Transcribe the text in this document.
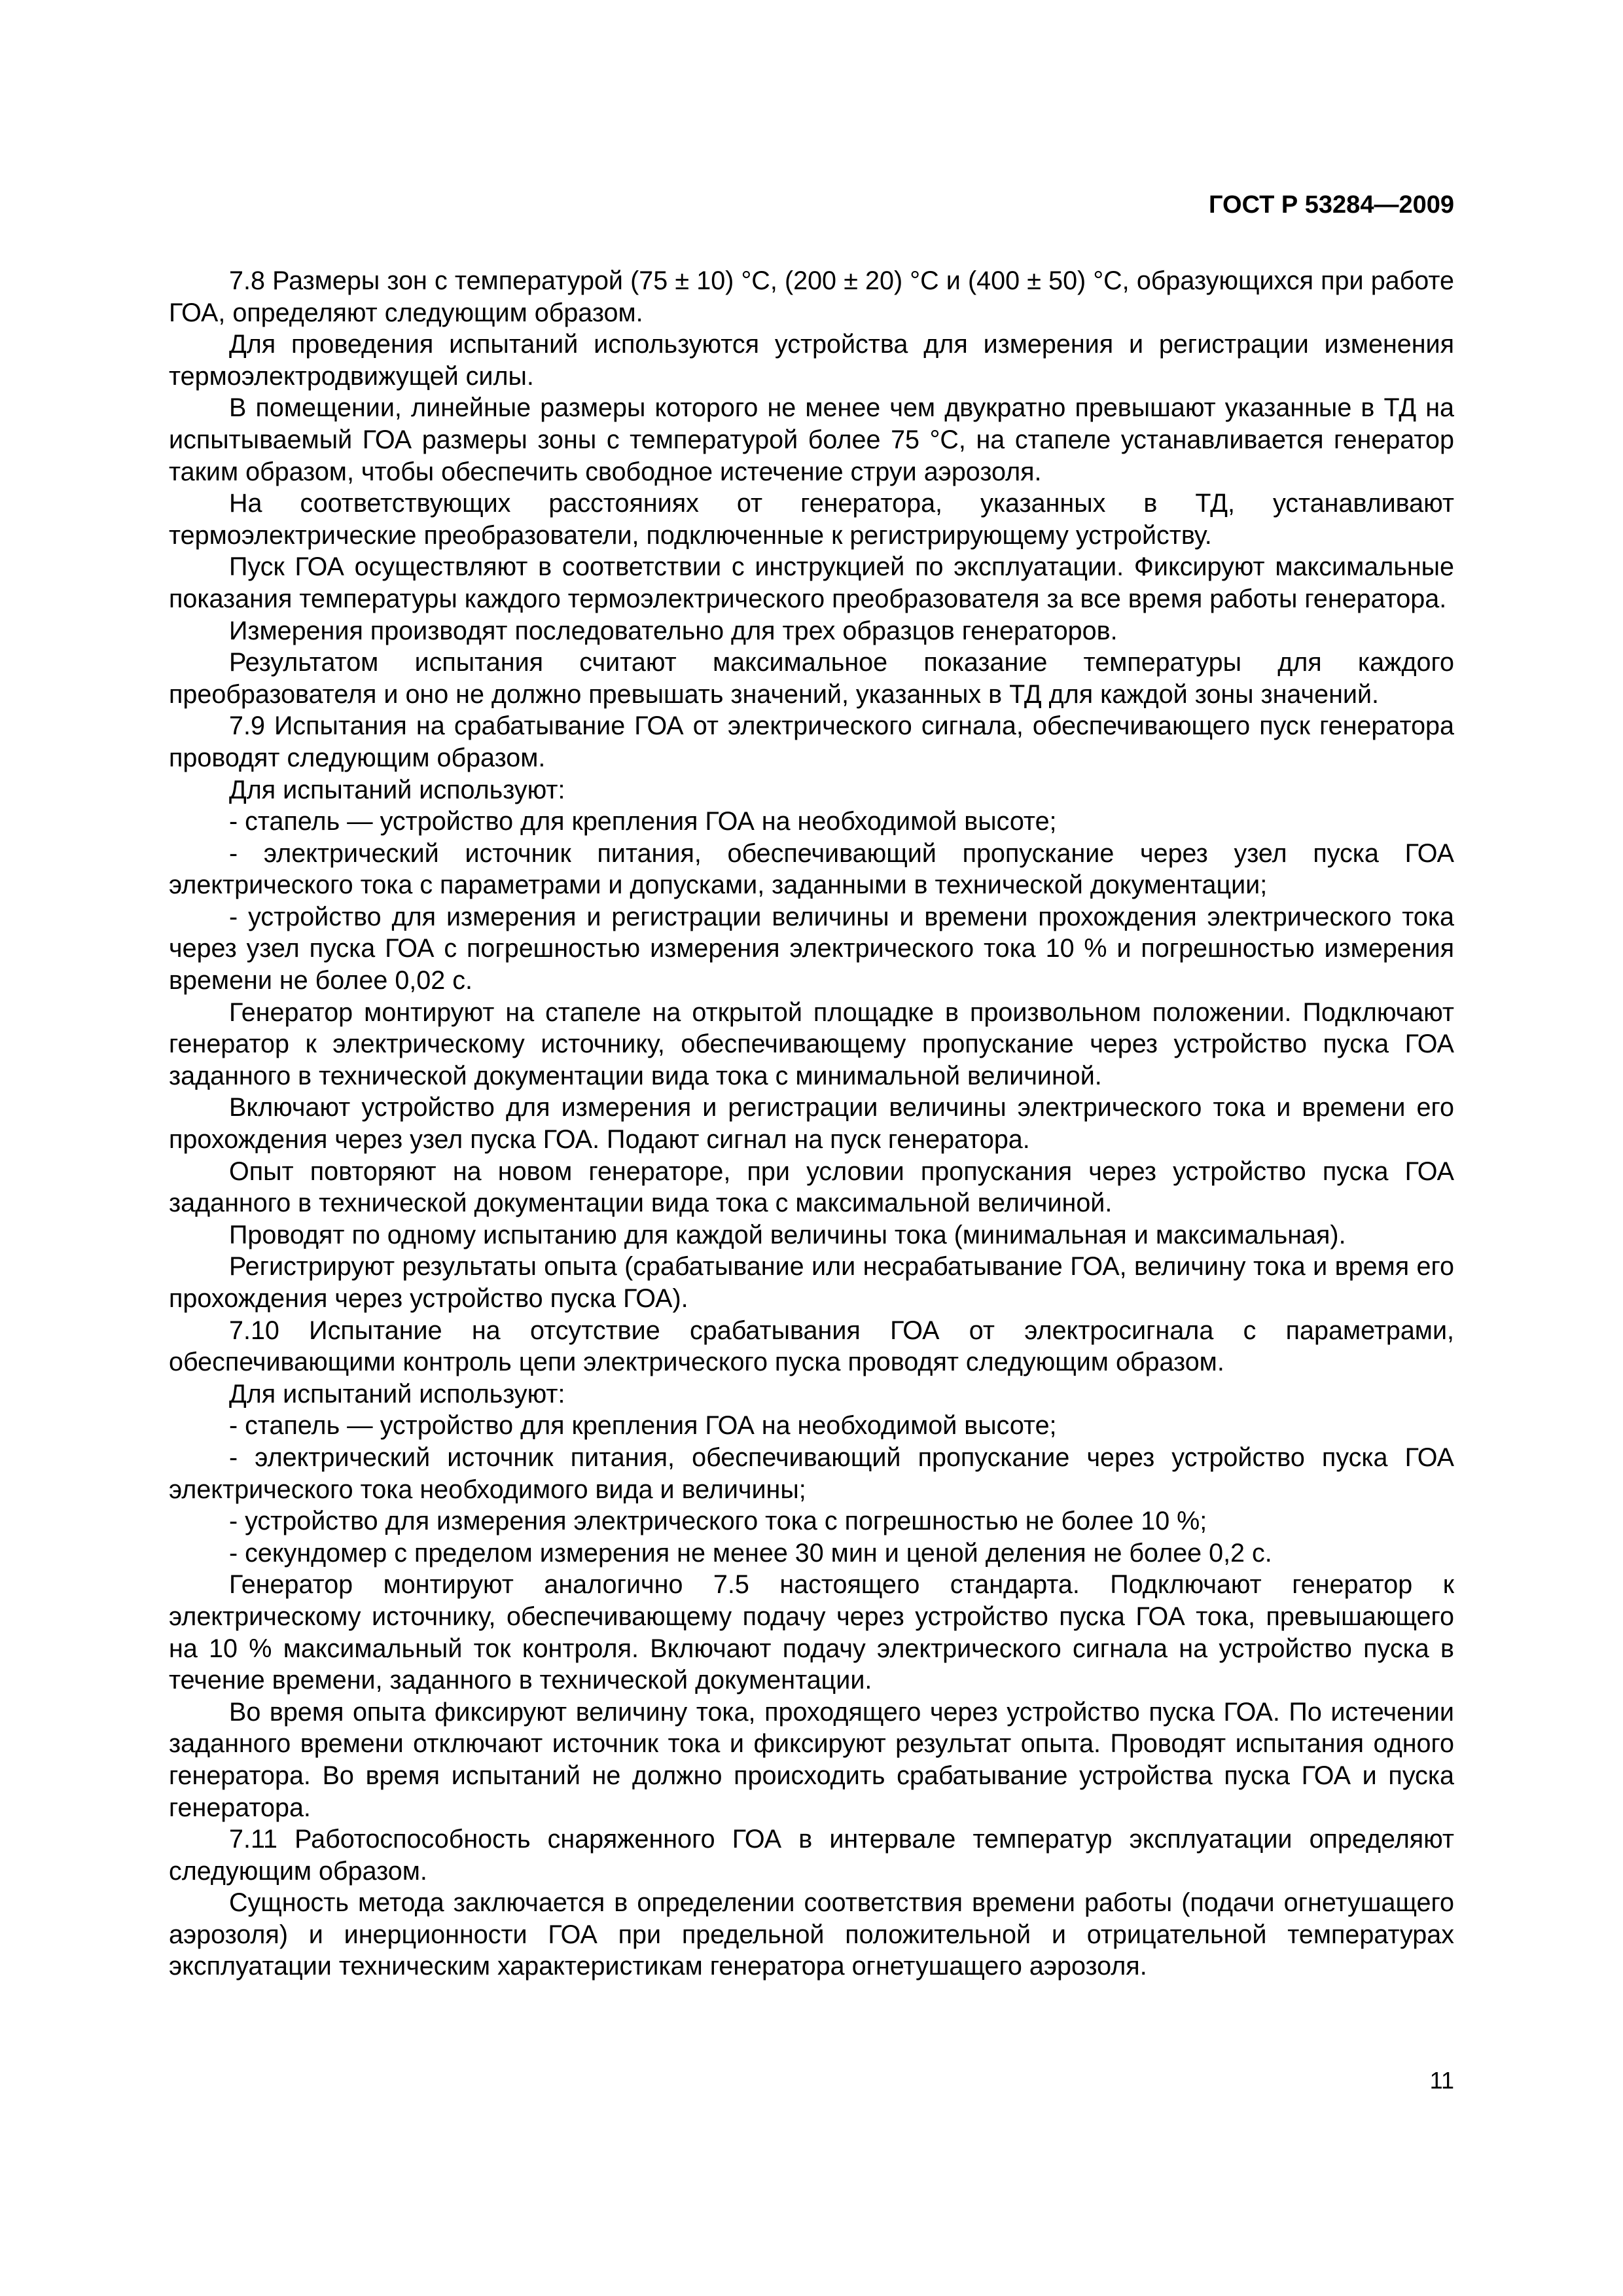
ГОСТ Р 53284—2009

7.8 Размеры зон с температурой (75 ± 10) °C, (200 ± 20) °C и (400 ± 50) °C, образующихся при работе ГОА, определяют следующим образом.

Для проведения испытаний используются устройства для измерения и регистрации изменения термоэлектродвижущей силы.

В помещении, линейные размеры которого не менее чем двукратно превышают указанные в ТД на испытываемый ГОА размеры зоны с температурой более 75 °C, на стапеле устанавливается генератор таким образом, чтобы обеспечить свободное истечение струи аэрозоля.

На соответствующих расстояниях от генератора, указанных в ТД, устанавливают термоэлектрические преобразователи, подключенные к регистрирующему устройству.

Пуск ГОА осуществляют в соответствии с инструкцией по эксплуатации. Фиксируют максимальные показания температуры каждого термоэлектрического преобразователя за все время работы генератора.

Измерения производят последовательно для трех образцов генераторов.

Результатом испытания считают максимальное показание температуры для каждого преобразователя и оно не должно превышать значений, указанных в ТД для каждой зоны значений.

7.9 Испытания на срабатывание ГОА от электрического сигнала, обеспечивающего пуск генератора проводят следующим образом.

Для испытаний используют:

- стапель — устройство для крепления ГОА на необходимой высоте;

- электрический источник питания, обеспечивающий пропускание через узел пуска ГОА электрического тока с параметрами и допусками, заданными в технической документации;

- устройство для измерения и регистрации величины и времени прохождения электрического тока через узел пуска ГОА с погрешностью измерения электрического тока 10 % и погрешностью измерения времени не более 0,02 с.

Генератор монтируют на стапеле на открытой площадке в произвольном положении. Подключают генератор к электрическому источнику, обеспечивающему пропускание через устройство пуска ГОА заданного в технической документации вида тока с минимальной величиной.

Включают устройство для измерения и регистрации величины электрического тока и времени его прохождения через узел пуска ГОА. Подают сигнал на пуск генератора.

Опыт повторяют на новом генераторе, при условии пропускания через устройство пуска ГОА заданного в технической документации вида тока с максимальной величиной.

Проводят по одному испытанию для каждой величины тока (минимальная и максимальная).

Регистрируют результаты опыта (срабатывание или несрабатывание ГОА, величину тока и время его прохождения через устройство пуска ГОА).

7.10 Испытание на отсутствие срабатывания ГОА от электросигнала с параметрами, обеспечивающими контроль цепи электрического пуска проводят следующим образом.

Для испытаний используют:

- стапель — устройство для крепления ГОА на необходимой высоте;

- электрический источник питания, обеспечивающий пропускание через устройство пуска ГОА электрического тока необходимого вида и величины;

- устройство для измерения электрического тока с погрешностью не более 10 %;

- секундомер с пределом измерения не менее 30 мин и ценой деления не более 0,2 с.

Генератор монтируют аналогично 7.5 настоящего стандарта. Подключают генератор к электрическому источнику, обеспечивающему подачу через устройство пуска ГОА тока, превышающего на 10 % максимальный ток контроля. Включают подачу электрического сигнала на устройство пуска в течение времени, заданного в технической документации.

Во время опыта фиксируют величину тока, проходящего через устройство пуска ГОА. По истечении заданного времени отключают источник тока и фиксируют результат опыта. Проводят испытания одного генератора. Во время испытаний не должно происходить срабатывание устройства пуска ГОА и пуска генератора.

7.11 Работоспособность снаряженного ГОА в интервале температур эксплуатации определяют следующим образом.

Сущность метода заключается в определении соответствия времени работы (подачи огнетушащего аэрозоля) и инерционности ГОА при предельной положительной и отрицательной температурах эксплуатации техническим характеристикам генератора огнетушащего аэрозоля.

11
